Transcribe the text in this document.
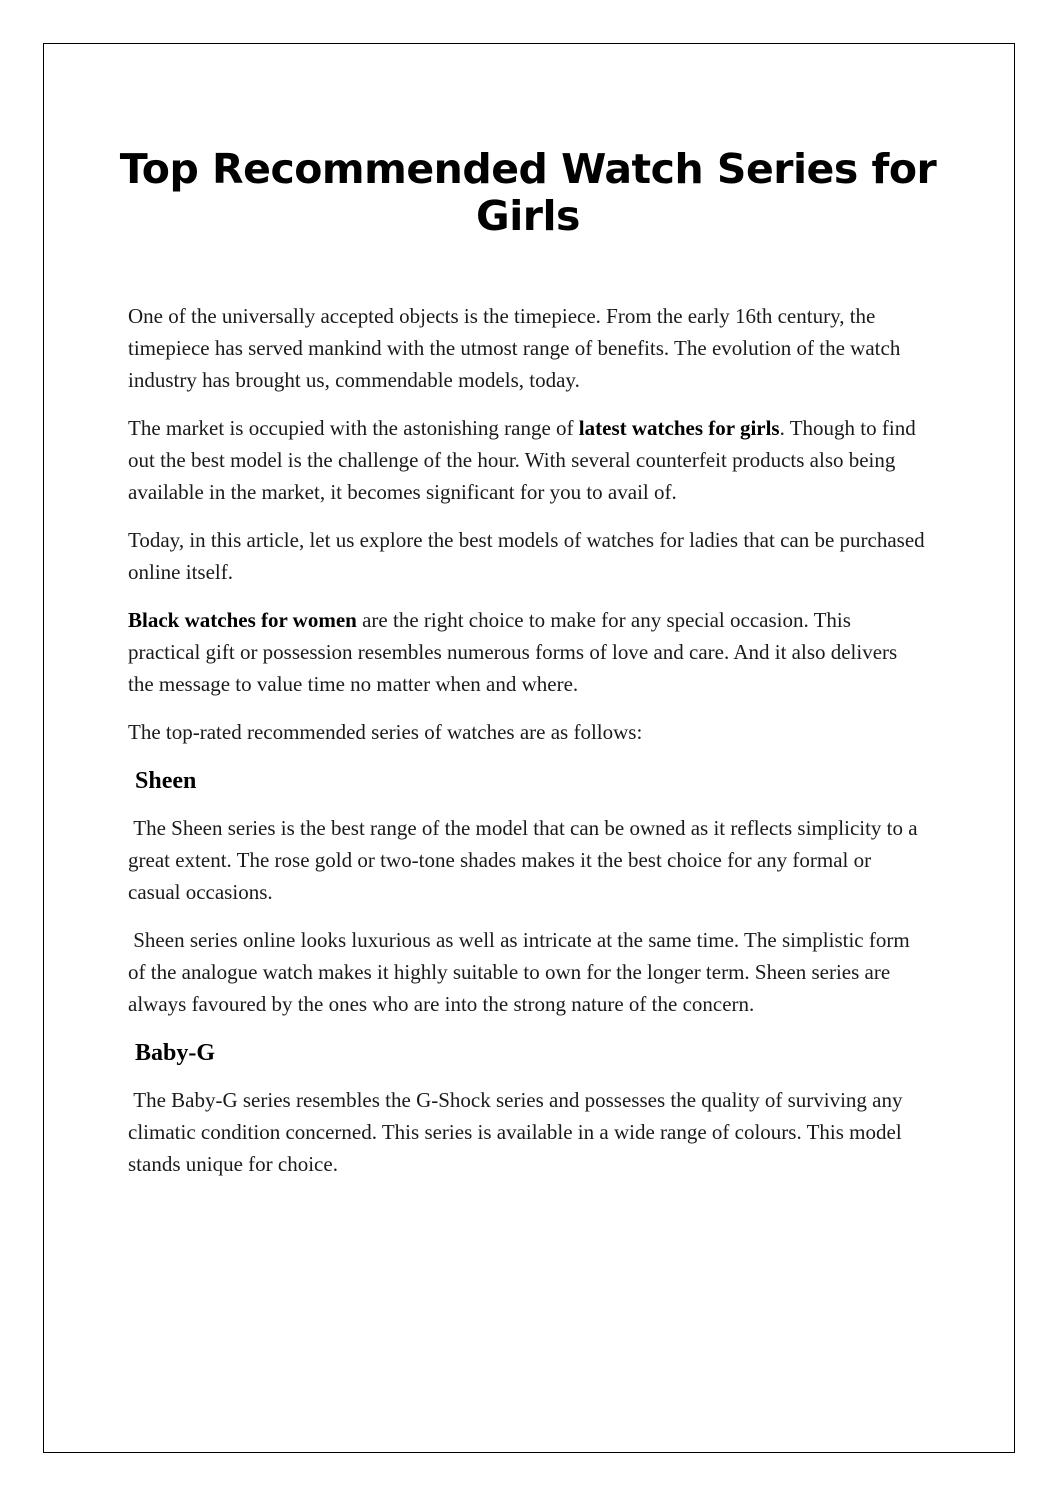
Top Recommended Watch Series for Girls

One of the universally accepted objects is the timepiece. From the early 16th century, the timepiece has served mankind with the utmost range of benefits. The evolution of the watch industry has brought us, commendable models, today.

The market is occupied with the astonishing range of latest watches for girls. Though to find out the best model is the challenge of the hour. With several counterfeit products also being available in the market, it becomes significant for you to avail of.

Today, in this article, let us explore the best models of watches for ladies that can be purchased online itself.

Black watches for women are the right choice to make for any special occasion. This practical gift or possession resembles numerous forms of love and care. And it also delivers the message to value time no matter when and where.

The top-rated recommended series of watches are as follows:

Sheen

The Sheen series is the best range of the model that can be owned as it reflects simplicity to a great extent. The rose gold or two-tone shades makes it the best choice for any formal or casual occasions.

Sheen series online looks luxurious as well as intricate at the same time. The simplistic form of the analogue watch makes it highly suitable to own for the longer term. Sheen series are always favoured by the ones who are into the strong nature of the concern.

Baby-G

The Baby-G series resembles the G-Shock series and possesses the quality of surviving any climatic condition concerned. This series is available in a wide range of colours. This model stands unique for choice.
